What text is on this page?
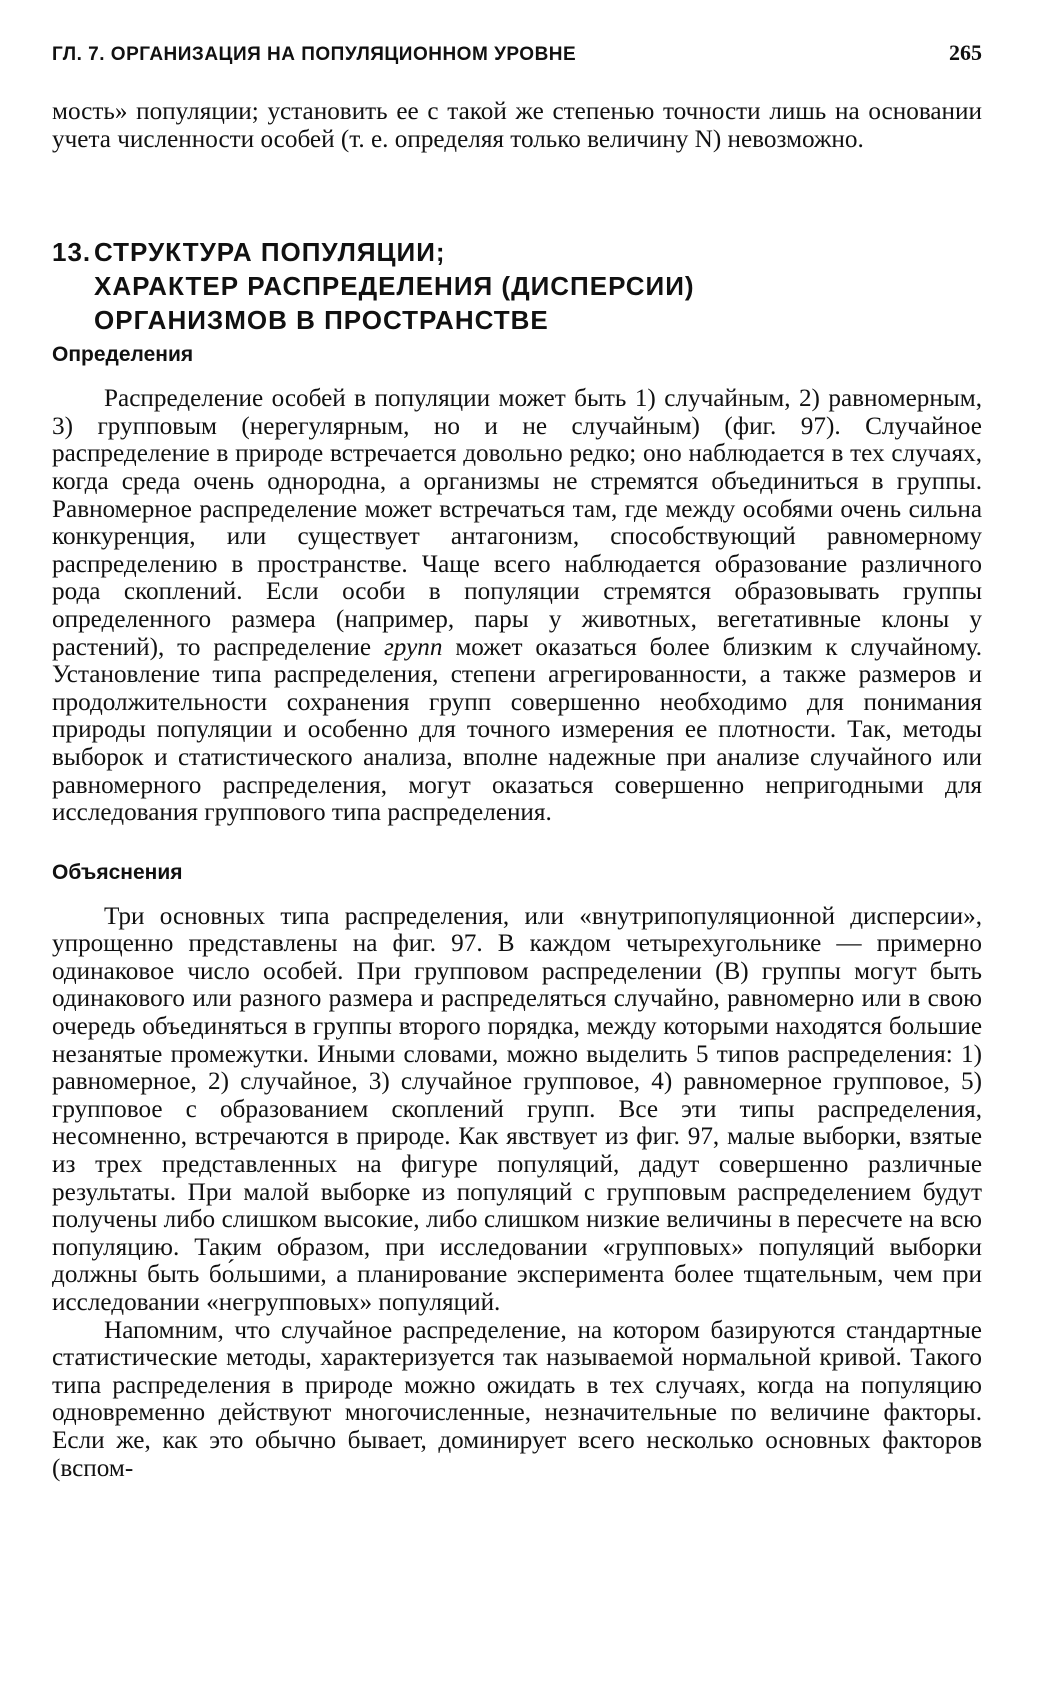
ГЛ. 7. ОРГАНИЗАЦИЯ НА ПОПУЛЯЦИОННОМ УРОВНЕ	265

мость» популяции; установить ее с такой же степенью точности лишь на основании учета численности особей (т. е. определяя только величину N) невозможно.

13. СТРУКТУРА ПОПУЛЯЦИИ;
ХАРАКТЕР РАСПРЕДЕЛЕНИЯ (ДИСПЕРСИИ)
ОРГАНИЗМОВ В ПРОСТРАНСТВЕ
Определения

Распределение особей в популяции может быть 1) случайным, 2) равномерным, 3) групповым (нерегулярным, но и не случайным) (фиг. 97). Случайное распределение в природе встречается довольно редко; оно наблюдается в тех случаях, когда среда очень однородна, а организмы не стремятся объединиться в группы. Равномерное распределение может встречаться там, где между особями очень сильна конкуренция, или существует антагонизм, способствующий равномерному распределению в пространстве. Чаще всего наблюдается образование различного рода скоплений. Если особи в популяции стремятся образовывать группы определенного размера (например, пары у животных, вегетативные клоны у растений), то распределение групп может оказаться более близким к случайному. Установление типа распределения, степени агрегированности, а также размеров и продолжительности сохранения групп совершенно необходимо для понимания природы популяции и особенно для точного измерения ее плотности. Так, методы выборок и статистического анализа, вполне надежные при анализе случайного или равномерного распределения, могут оказаться совершенно непригодными для исследования группового типа распределения.

Объяснения

Три основных типа распределения, или «внутрипопуляционной дисперсии», упрощенно представлены на фиг. 97. В каждом четырехугольнике — примерно одинаковое число особей. При групповом распределении (В) группы могут быть одинакового или разного размера и распределяться случайно, равномерно или в свою очередь объединяться в группы второго порядка, между которыми находятся большие незанятые промежутки. Иными словами, можно выделить 5 типов распределения: 1) равномерное, 2) случайное, 3) случайное групповое, 4) равномерное групповое, 5) групповое с образованием скоплений групп. Все эти типы распределения, несомненно, встречаются в природе. Как явствует из фиг. 97, малые выборки, взятые из трех представленных на фигуре популяций, дадут совершенно различные результаты. При малой выборке из популяций с групповым распределением будут получены либо слишком высокие, либо слишком низкие величины в пересчете на всю популяцию. Таким образом, при исследовании «групповых» популяций выборки должны быть бо́льшими, а планирование эксперимента более тщательным, чем при исследовании «негрупповых» популяций.

Напомним, что случайное распределение, на котором базируются стандартные статистические методы, характеризуется так называемой нормальной кривой. Такого типа распределения в природе можно ожидать в тех случаях, когда на популяцию одновременно действуют многочисленные, незначительные по величине факторы. Если же, как это обычно бывает, доминирует всего несколько основных факторов (вспом-
